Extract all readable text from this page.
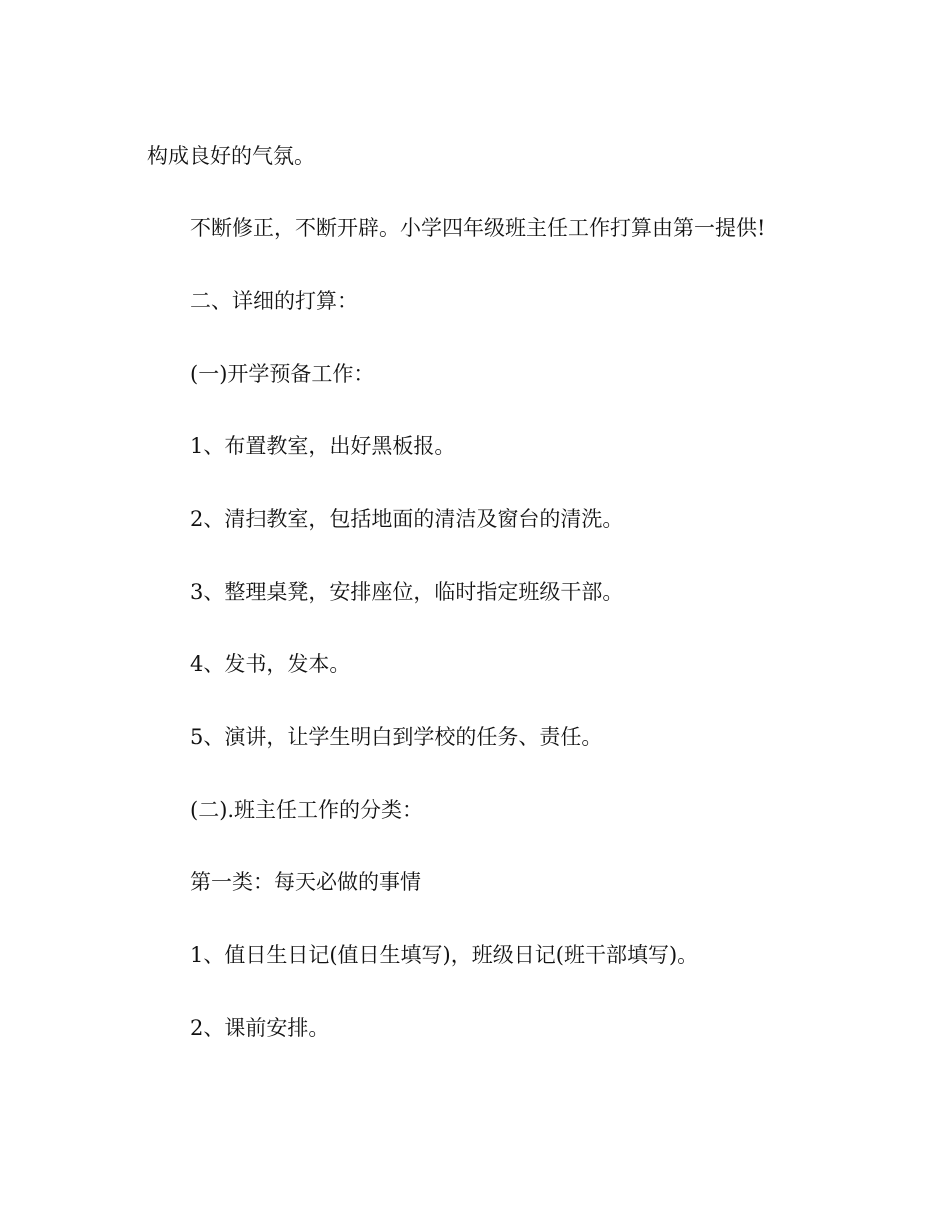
构成良好的气氛。

不断修正，不断开辟。小学四年级班主任工作打算由第一提供!

二、详细的打算：

(一)开学预备工作：

1、布置教室，出好黑板报。

2、清扫教室，包括地面的清洁及窗台的清洗。

3、整理桌凳，安排座位，临时指定班级干部。

4、发书，发本。

5、演讲，让学生明白到学校的任务、责任。

(二).班主任工作的分类：

第一类：每天必做的事情

1、值日生日记(值日生填写)，班级日记(班干部填写)。

2、课前安排。
